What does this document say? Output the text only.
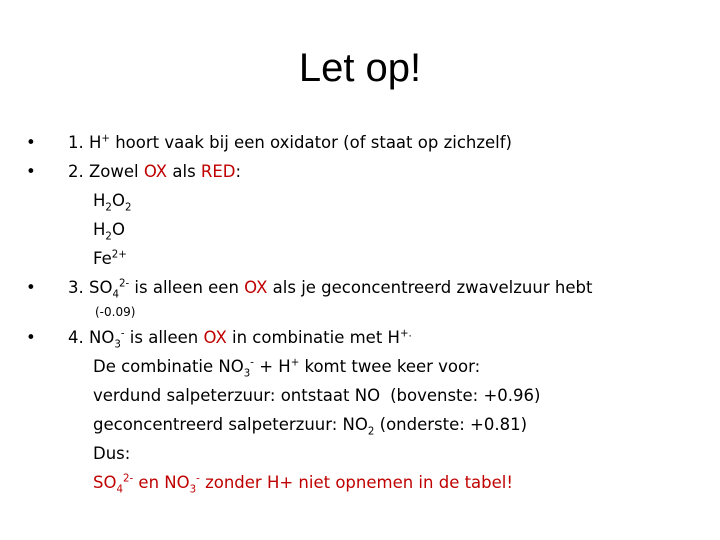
Let op!
• 1. H+ hoort vaak bij een oxidator (of staat op zichzelf)
• 2. Zowel OX als RED:
$H_2O_2$
$H_2O$
$Fe^{2+}$
• 3. $SO_4^{2-}$ is alleen een OX als je geconcentreerd zwavelzuur hebt
(-0.09)
• 4. $NO_3^-$ is alleen OX in combinatie met H+.
De combinatie $NO_3^- + H^+$ komt twee keer voor:
verdund salpeterzuur: ontstaat NO (bovenste: +0.96)
geconcentreerd salpeterzuur: $NO_2$ (onderste: +0.81)
Dus:
$SO_4^{2-}$ en $NO_3^-$ zonder H+ niet opnemen in de tabel!
